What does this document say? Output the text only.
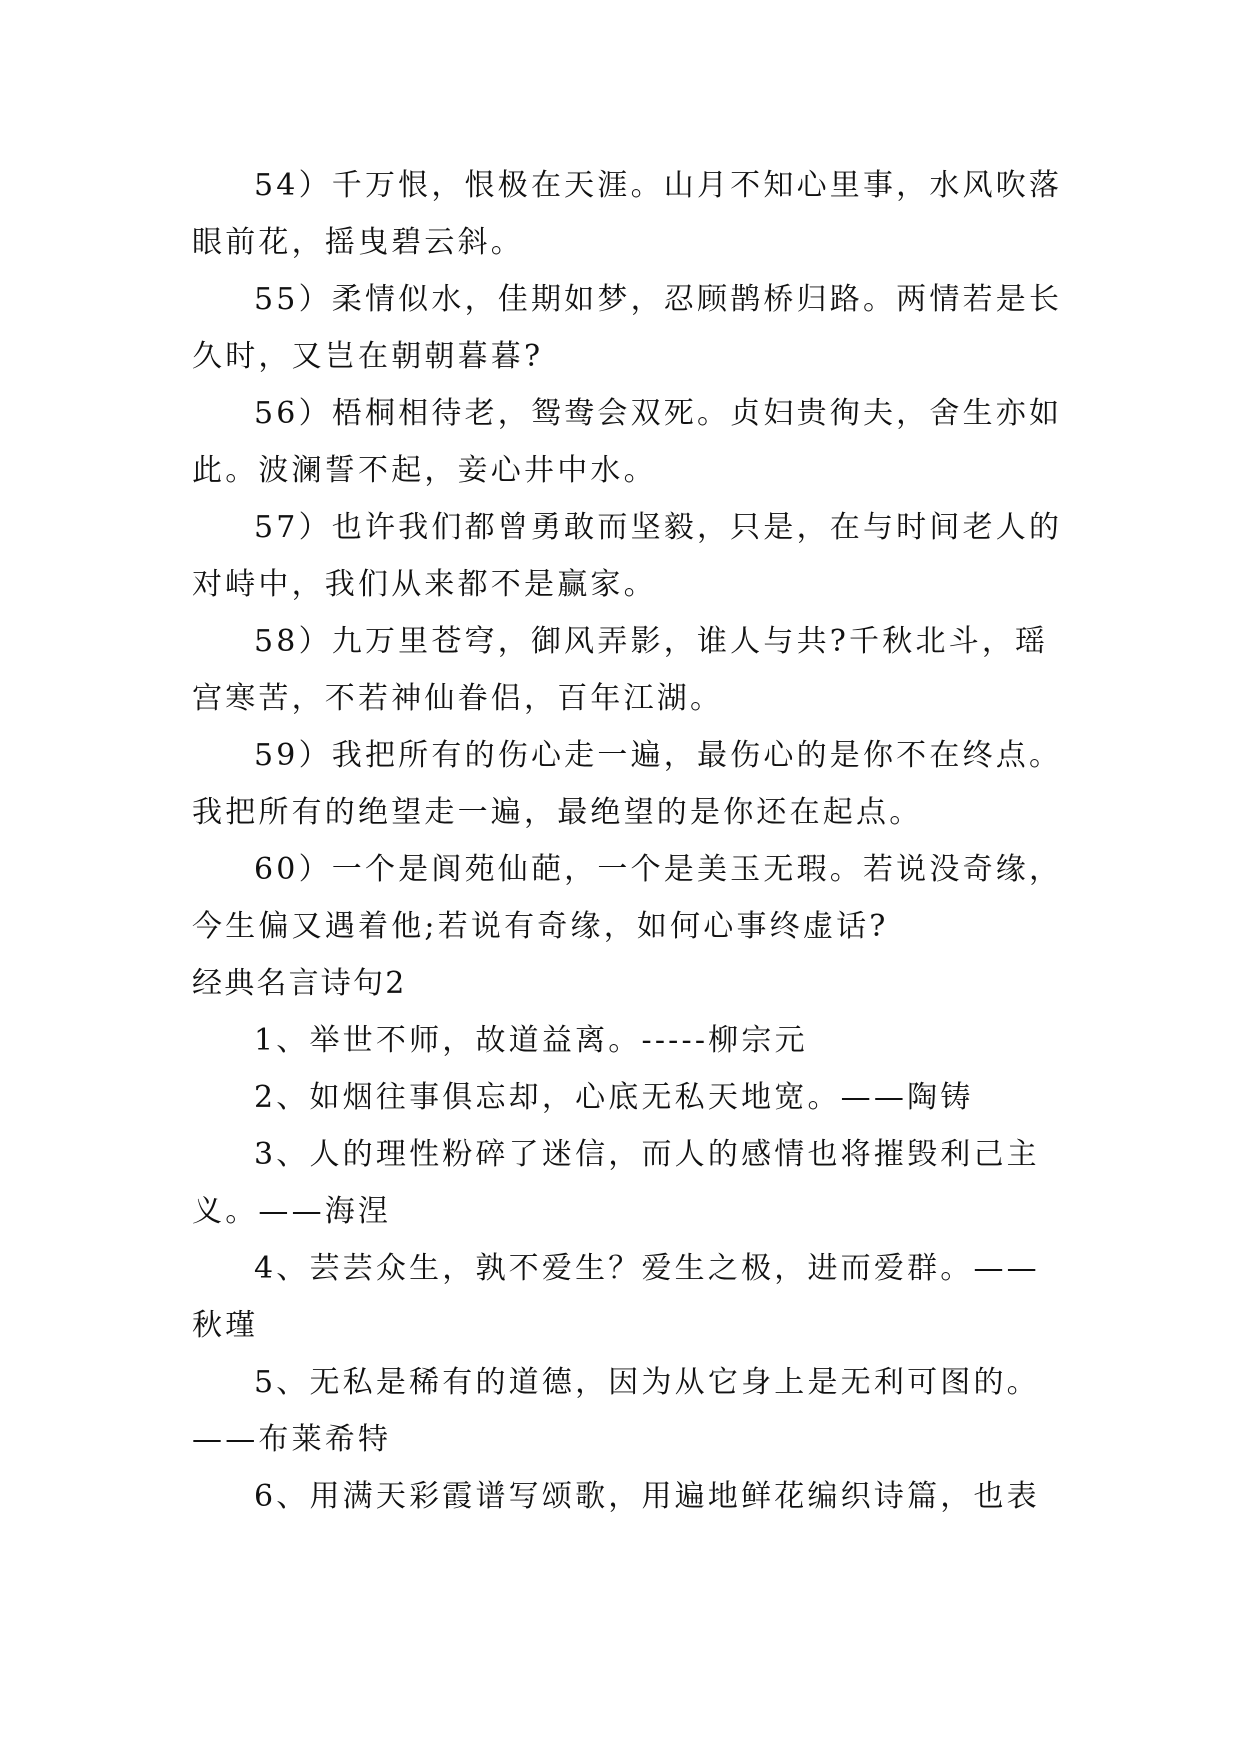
54）千万恨，恨极在天涯。山月不知心里事，水风吹落
眼前花，摇曳碧云斜。
55）柔情似水，佳期如梦，忍顾鹊桥归路。两情若是长
久时，又岂在朝朝暮暮?
56）梧桐相待老，鸳鸯会双死。贞妇贵徇夫，舍生亦如
此。波澜誓不起，妾心井中水。
57）也许我们都曾勇敢而坚毅，只是，在与时间老人的
对峙中，我们从来都不是赢家。
58）九万里苍穹，御风弄影，谁人与共?千秋北斗，瑶
宫寒苦，不若神仙眷侣，百年江湖。
59）我把所有的伤心走一遍，最伤心的是你不在终点。
我把所有的绝望走一遍，最绝望的是你还在起点。
60）一个是阆苑仙葩，一个是美玉无瑕。若说没奇缘，
今生偏又遇着他;若说有奇缘，如何心事终虚话?
经典名言诗句2
1、举世不师，故道益离。-----柳宗元
2、如烟往事俱忘却，心底无私天地宽。——陶铸
3、人的理性粉碎了迷信，而人的感情也将摧毁利己主
义。——海涅
4、芸芸众生，孰不爱生？爱生之极，进而爱群。——
秋瑾
5、无私是稀有的道德，因为从它身上是无利可图的。
——布莱希特
6、用满天彩霞谱写颂歌，用遍地鲜花编织诗篇，也表
